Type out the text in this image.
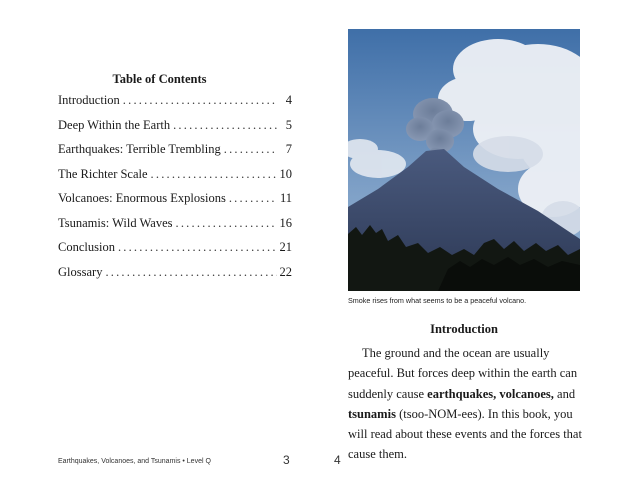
Table of Contents
Introduction .....	4
Deep Within the Earth .....	5
Earthquakes: Terrible Trembling .....	7
The Richter Scale .....	10
Volcanoes: Enormous Explosions .....	11
Tsunamis: Wild Waves .....	16
Conclusion .....	21
Glossary .....	22
Earthquakes, Volcanoes, and Tsunamis • Level Q	3
Smoke rises from what seems to be a peaceful volcano.
Introduction
The ground and the ocean are usually peaceful. But forces deep within the earth can suddenly cause earthquakes, volcanoes, and tsunamis (tsoo-NOM-ees). In this book, you will read about these events and the forces that cause them.
4
